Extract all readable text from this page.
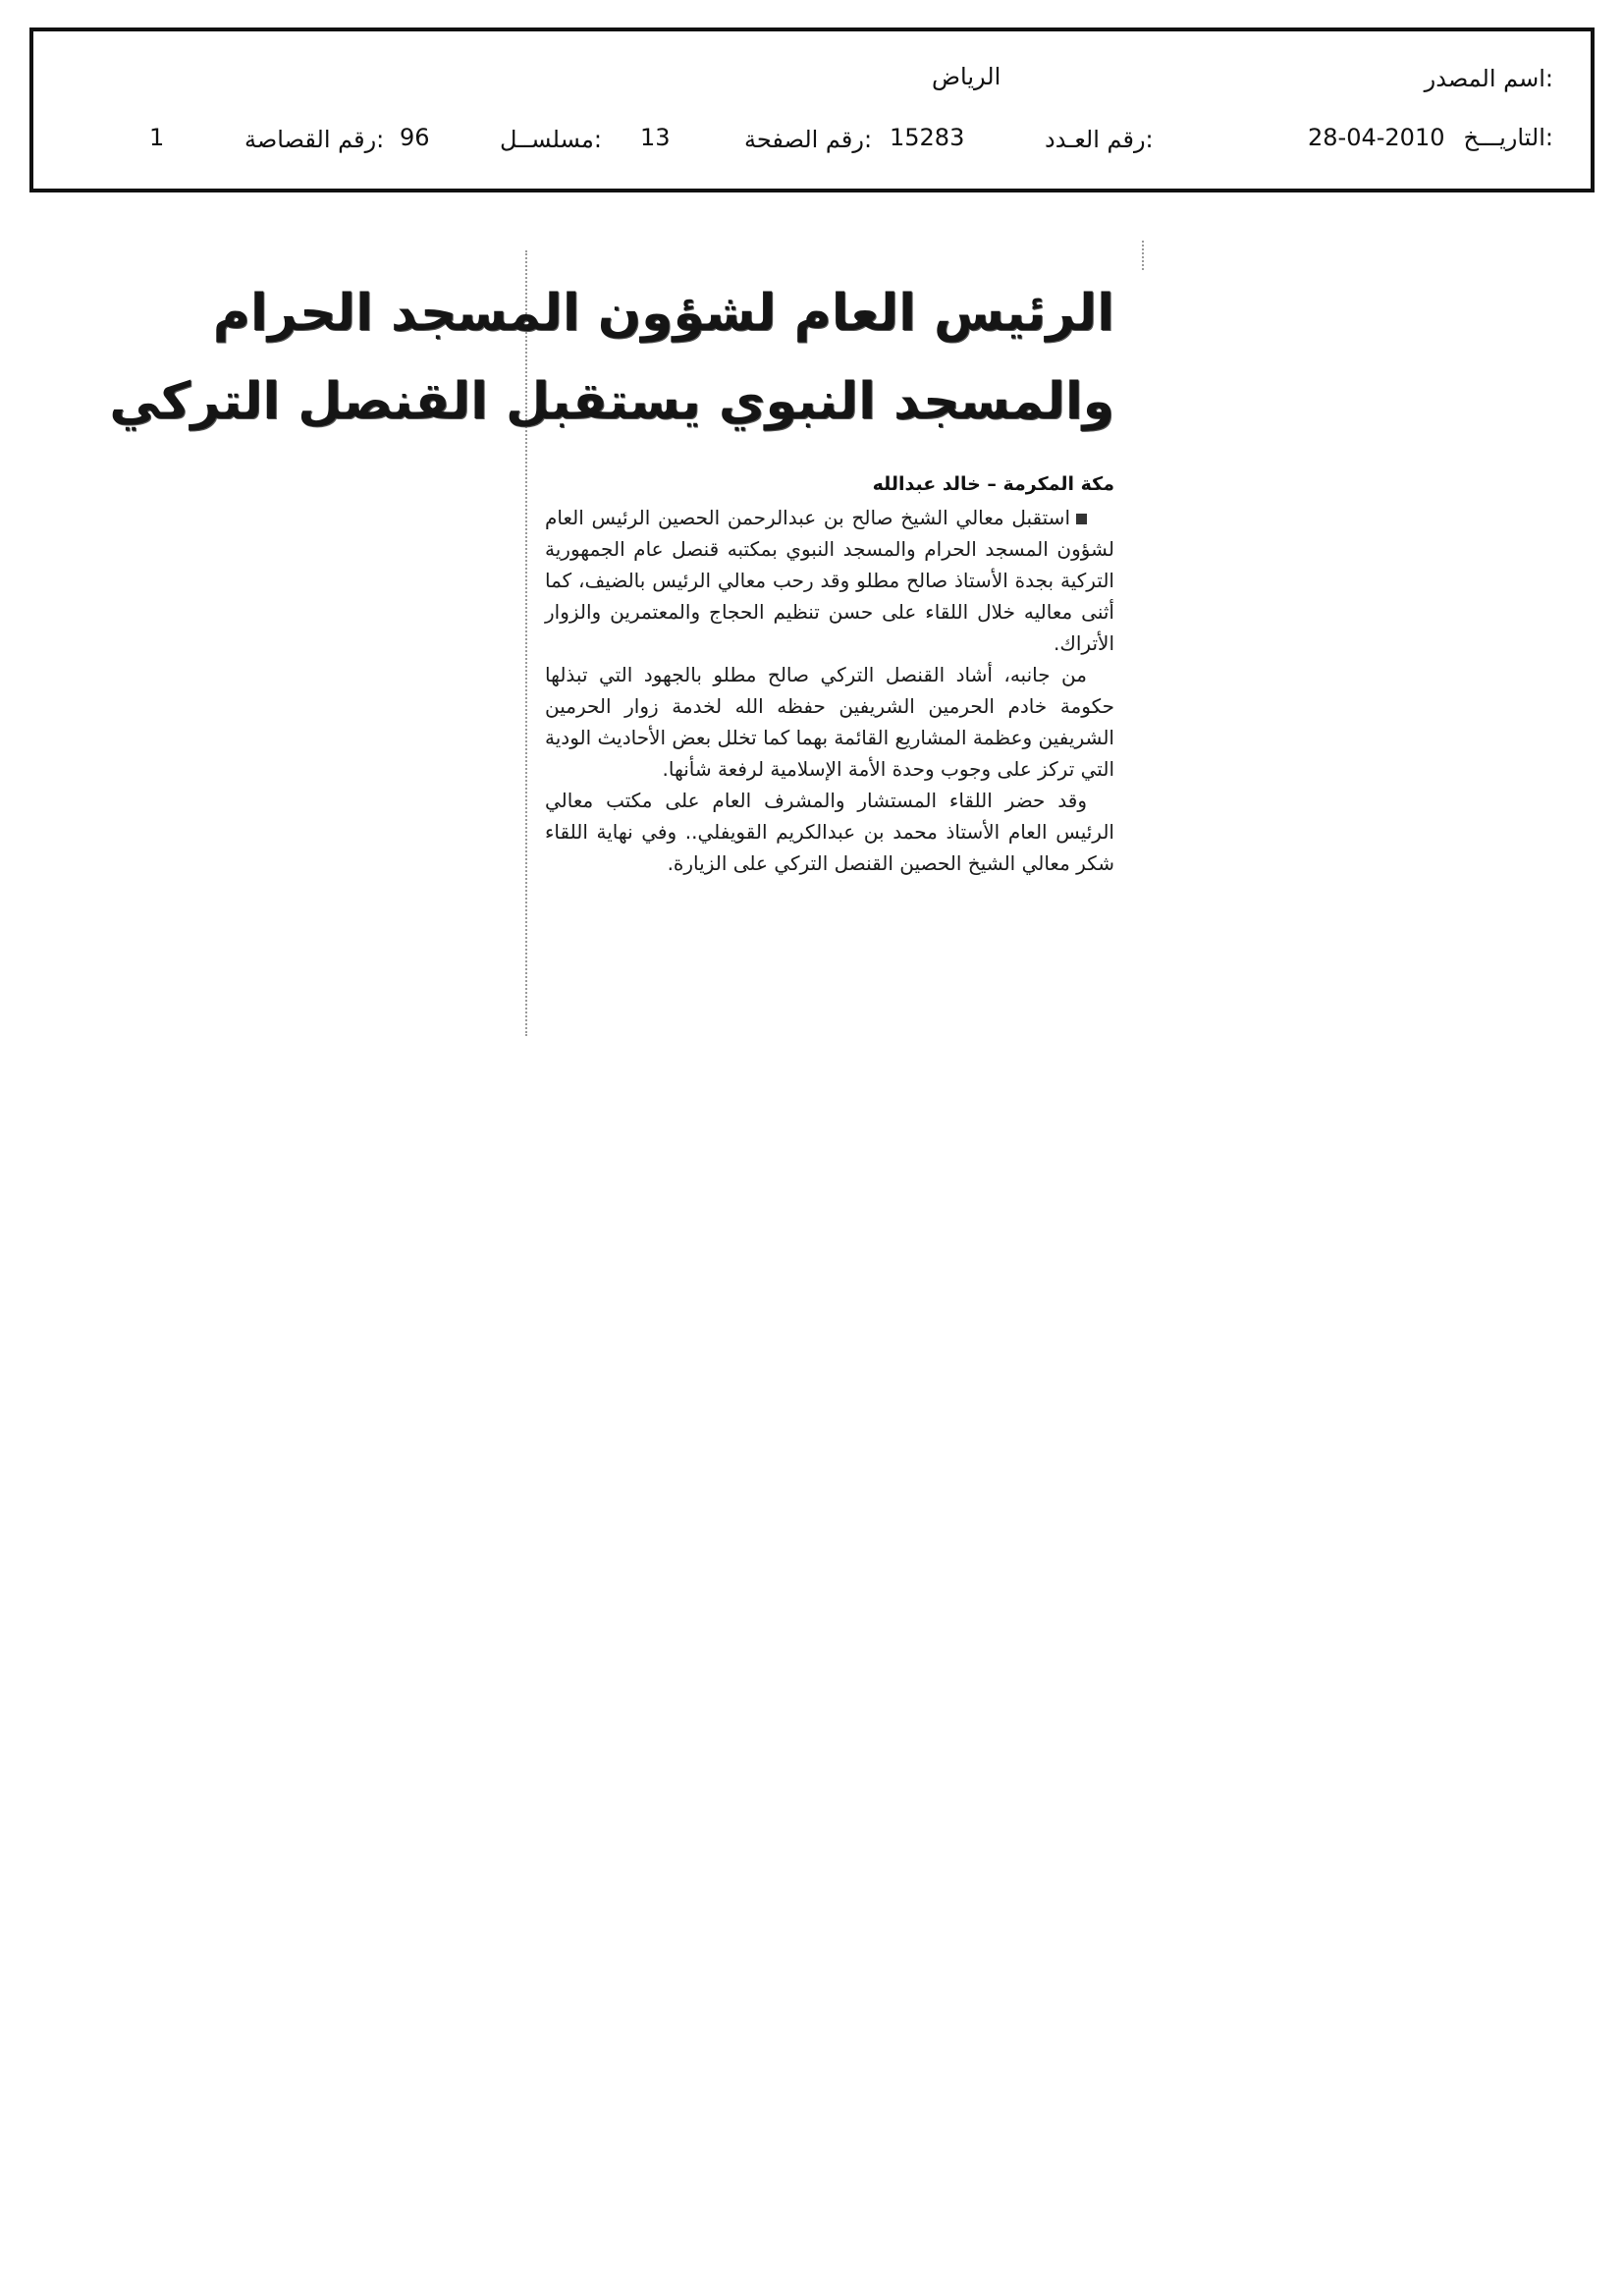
اسم المصدر:
الرياض
التاريـــخ:
28-04-2010
رقم العـدد:
15283
رقم الصفحة:
13
مسلســل:
96
رقم القصاصة:
1
الرئيس العام لشؤون المسجد الحرام
والمسجد النبوي يستقبل القنصل التركي
مكة المكرمة – خالد عبدالله

استقبل معالي الشيخ صالح بن عبدالرحمن الحصين الرئيس العام لشؤون المسجد الحرام والمسجد النبوي بمكتبه قنصل عام الجمهورية التركية بجدة الأستاذ صالح مطلو وقد رحب معالي الرئيس بالضيف، كما أثنى معاليه خلال اللقاء على حسن تنظيم الحجاج والمعتمرين والزوار الأتراك.

من جانبه، أشاد القنصل التركي صالح مطلو بالجهود التي تبذلها حكومة خادم الحرمين الشريفين حفظه الله لخدمة زوار الحرمين الشريفين وعظمة المشاريع القائمة بهما كما تخلل بعض الأحاديث الودية التي تركز على وجوب وحدة الأمة الإسلامية لرفعة شأنها.

وقد حضر اللقاء المستشار والمشرف العام على مكتب معالي الرئيس العام الأستاذ محمد بن عبدالكريم القويفلي.. وفي نهاية اللقاء شكر معالي الشيخ الحصين القنصل التركي على الزيارة.
